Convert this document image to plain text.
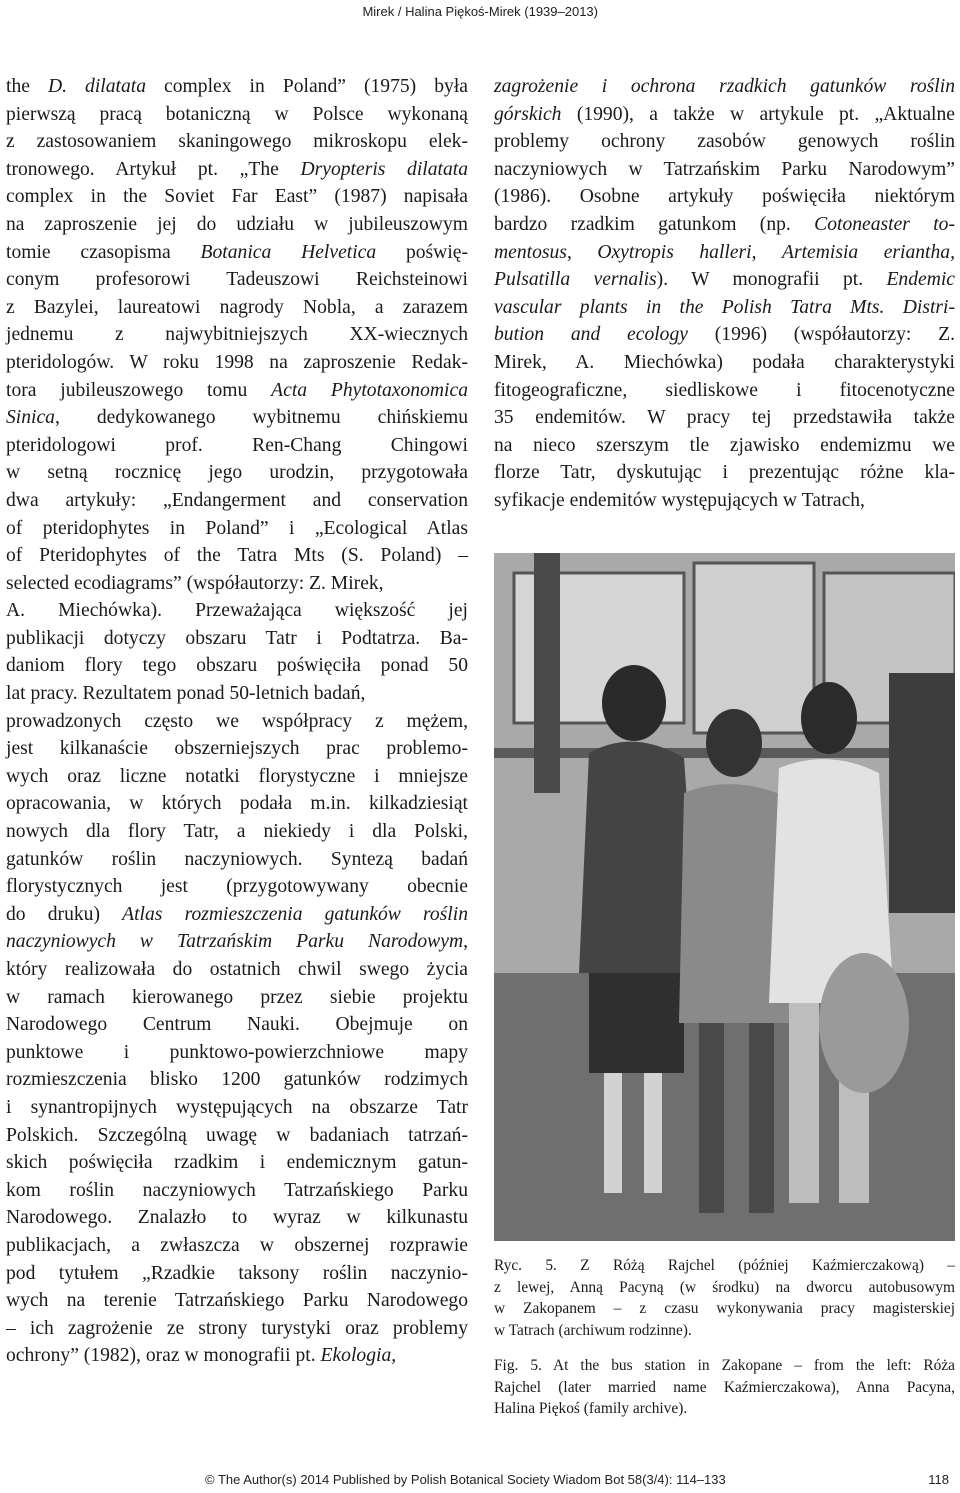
Mirek / Halina Piękoś-Mirek (1939–2013)
the D. dilatata complex in Poland” (1975) była
pierwszą pracą botaniczną w Polsce wykonaną
z zastosowaniem skaningowego mikroskopu elek-
tronowego. Artykuł pt. „The Dryopteris dilatata
complex in the Soviet Far East” (1987) napisała
na zaproszenie jej do udziału w jubileuszowym
tomie czasopisma Botanica Helvetica poświę-
conym profesorowi Tadeuszowi Reichsteinowi
z Bazylei, laureatowi nagrody Nobla, a zarazem
jednemu z najwybitniejszych XX-wiecznych
pteridologów. W roku 1998 na zaproszenie Redak-
tora jubileuszowego tomu Acta Phytotaxonomica
Sinica, dedykowanego wybitnemu chińskiemu
pteridologowi prof. Ren-Chang Chingowi
w setną rocznicę jego urodzin, przygotowała
dwa artykuły: „Endangerment and conservation
of pteridophytes in Poland” i „Ecological Atlas
of Pteridophytes of the Tatra Mts (S. Poland) –
selected ecodiagrams” (współautorzy: Z. Mirek,
A. Miechówka). Przeważająca większość jej
publikacji dotyczy obszaru Tatr i Podtatrza. Ba-
daniom flory tego obszaru poświęciła ponad 50
lat pracy. Rezultatem ponad 50-letnich badań,
prowadzonych często we współpracy z mężem,
jest kilkanaście obszerniejszych prac problemo-
wych oraz liczne notatki florystyczne i mniejsze
opracowania, w których podała m.in. kilkadziesiąt
nowych dla flory Tatr, a niekiedy i dla Polski,
gatunków roślin naczyniowych. Syntezą badań
florystycznych jest (przygotowywany obecnie
do druku) Atlas rozmieszczenia gatunków roślin
naczyniowych w Tatrzańskim Parku Narodowym,
który realizowała do ostatnich chwil swego życia
w ramach kierowanego przez siebie projektu
Narodowego Centrum Nauki. Obejmuje on
punktowe i punktowo-powierzchniowe mapy
rozmieszczenia blisko 1200 gatunków rodzimych
i synantropijnych występujących na obszarze Tatr
Polskich. Szczególną uwagę w badaniach tatrzań-
skich poświęciła rzadkim i endemicznym gatun-
kom roślin naczyniowych Tatrzańskiego Parku
Narodowego. Znalazło to wyraz w kilkunastu
publikacjach, a zwłaszcza w obszernej rozprawie
pod tytułem „Rzadkie taksony roślin naczynio-
wych na terenie Tatrzańskiego Parku Narodowego
– ich zagrożenie ze strony turystyki oraz problemy
ochrony” (1982), oraz w monografii pt. Ekologia,
zagrożenie i ochrona rzadkich gatunków roślin
górskich (1990), a także w artykule pt. „Aktualne
problemy ochrony zasobów genowych roślin
naczyniowych w Tatrzańskim Parku Narodowym”
(1986). Osobne artykuły poświęciła niektórym
bardzo rzadkim gatunkom (np. Cotoneaster to-
mentosus, Oxytropis halleri, Artemisia eriantha,
Pulsatilla vernalis). W monografii pt. Endemic
vascular plants in the Polish Tatra Mts. Distri-
bution and ecology (1996) (współautorzy: Z.
Mirek, A. Miechówka) podała charakterystyki
fitogeograficzne, siedliskowe i fitocenotyczne
35 endemitów. W pracy tej przedstawiła także
na nieco szerszym tle zjawisko endemizmu we
florze Tatr, dyskutując i prezentując różne kla-
syfikacje endemitów występujących w Tatrach,
Ryc. 5. Z Różą Rajchel (później Kaźmierczakową) –
z lewej, Anną Pacyną (w środku) na dworcu autobusowym
w Zakopanem – z czasu wykonywania pracy magisterskiej
w Tatrach (archiwum rodzinne).
Fig. 5. At the bus station in Zakopane – from the left: Róża
Rajchel (later married name Kaźmierczakowa), Anna Pacyna,
Halina Piękoś (family archive).
© The Author(s) 2014 Published by Polish Botanical Society Wiadom Bot 58(3/4): 114–133	118
